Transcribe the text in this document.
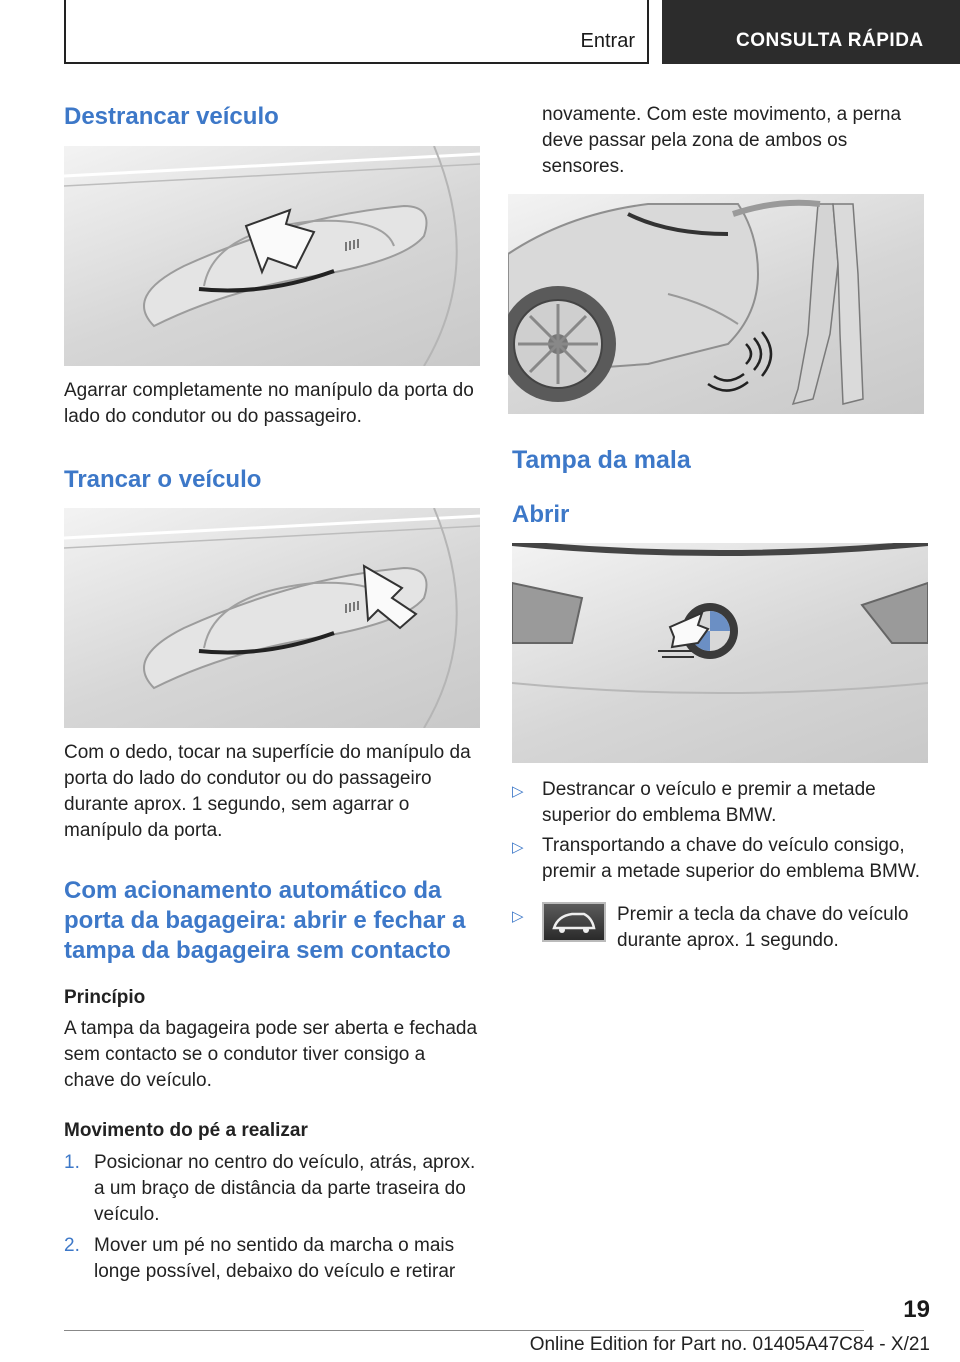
Entrar	CONSULTA RÁPIDA
Destrancar veículo

Agarrar completamente no manípulo da porta do lado do condutor ou do passageiro.

Trancar o veículo

Com o dedo, tocar na superfície do manípulo da porta do lado do condutor ou do passageiro durante aprox. 1 segundo, sem agarrar o manípulo da porta.

Com acionamento automático da porta da bagageira: abrir e fechar a tampa da bagageira sem contacto

Princípio

A tampa da bagageira pode ser aberta e fechada sem contacto se o condutor tiver consigo a chave do veículo.

Movimento do pé a realizar

1. Posicionar no centro do veículo, atrás, aprox. a um braço de distância da parte traseira do veículo.
2. Mover um pé no sentido da marcha o mais longe possível, debaixo do veículo e retirar

novamente. Com este movimento, a perna deve passar pela zona de ambos os sensores.

Tampa da mala
Abrir
▷ Destrancar o veículo e premir a metade superior do emblema BMW.
▷ Transportando a chave do veículo consigo, premir a metade superior do emblema BMW.
▷	Premir a tecla da chave do veículo durante aprox. 1 segundo.
19
Online Edition for Part no. 01405A47C84 - X/21
